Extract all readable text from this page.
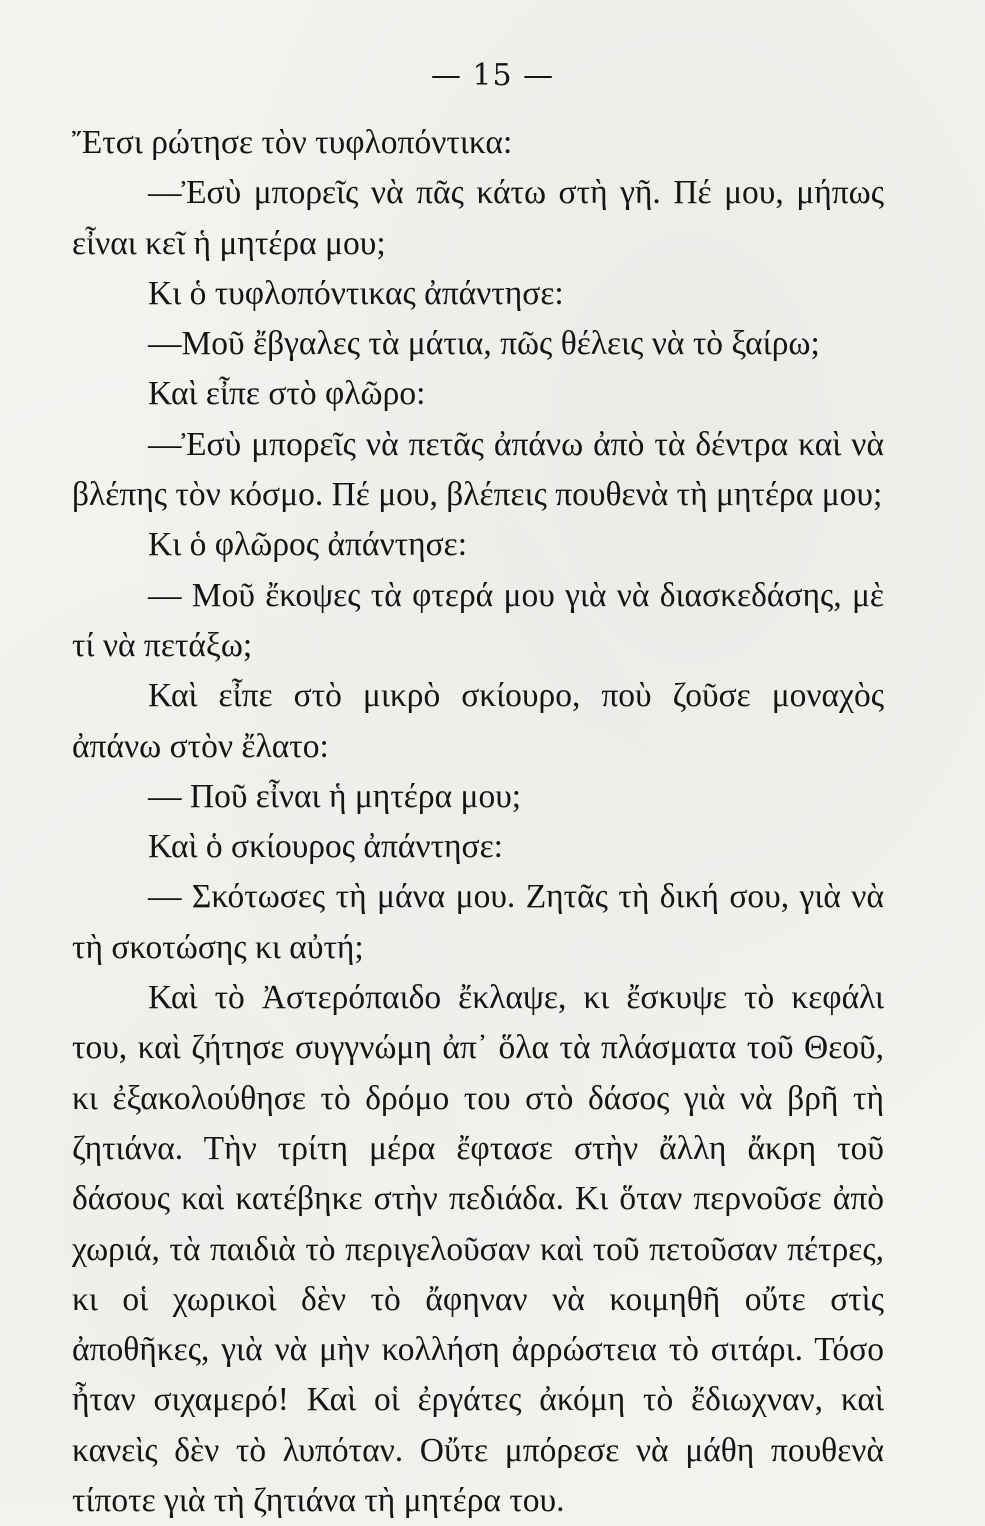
— 15 —

Ἔτσι ρώτησε τὸν τυφλοπόντικα:

—Ἐσὺ μπορεῖς νὰ πᾶς κάτω στὴ γῆ. Πέ μου, μήπως εἶναι κεῖ ἡ μητέρα μου;

Κι ὁ τυφλοπόντικας ἀπάντησε:

—Μοῦ ἔβγαλες τὰ μάτια, πῶς θέλεις νὰ τὸ ξαίρω;

Καὶ εἶπε στὸ φλῶρο:

—Ἐσὺ μπορεῖς νὰ πετᾶς ἀπάνω ἀπὸ τὰ δέντρα καὶ νὰ βλέπης τὸν κόσμο. Πέ μου, βλέπεις πουθενὰ τὴ μητέρα μου;

Κι ὁ φλῶρος ἀπάντησε:

— Μοῦ ἔκοψες τὰ φτερά μου γιὰ νὰ διασκεδάσης, μὲ τί νὰ πετάξω;

Καὶ εἶπε στὸ μικρὸ σκίουρο, ποὺ ζοῦσε μοναχὸς ἀπάνω στὸν ἔλατο:

— Ποῦ εἶναι ἡ μητέρα μου;

Καὶ ὁ σκίουρος ἀπάντησε:

— Σκότωσες τὴ μάνα μου. Ζητᾶς τὴ δική σου, γιὰ νὰ τὴ σκοτώσης κι αὐτή;

Καὶ τὸ Ἀστερόπαιδο ἔκλαψε, κι ἔσκυψε τὸ κεφάλι του, καὶ ζήτησε συγγνώμη ἀπ᾽ ὅλα τὰ πλάσματα τοῦ Θεοῦ, κι ἐξακολούθησε τὸ δρόμο του στὸ δάσος γιὰ νὰ βρῆ τὴ ζητιάνα. Τὴν τρίτη μέρα ἔφτασε στὴν ἄλλη ἄκρη τοῦ δάσους καὶ κατέβηκε στὴν πεδιάδα. Κι ὅταν περνοῦσε ἀπὸ χωριά, τὰ παιδιὰ τὸ περιγελοῦσαν καὶ τοῦ πετοῦσαν πέτρες, κι οἱ χωρικοὶ δὲν τὸ ἄφηναν νὰ κοιμηθῆ οὔτε στὶς ἀποθῆκες, γιὰ νὰ μὴν κολλήση ἀρρώστεια τὸ σιτάρι. Τόσο ἦταν σιχαμερό! Καὶ οἱ ἐργάτες ἀκόμη τὸ ἔδιωχναν, καὶ κανεὶς δὲν τὸ λυπόταν. Οὔτε μπόρεσε νὰ μάθη πουθενὰ τίποτε γιὰ τὴ ζητιάνα τὴ μητέρα του.
